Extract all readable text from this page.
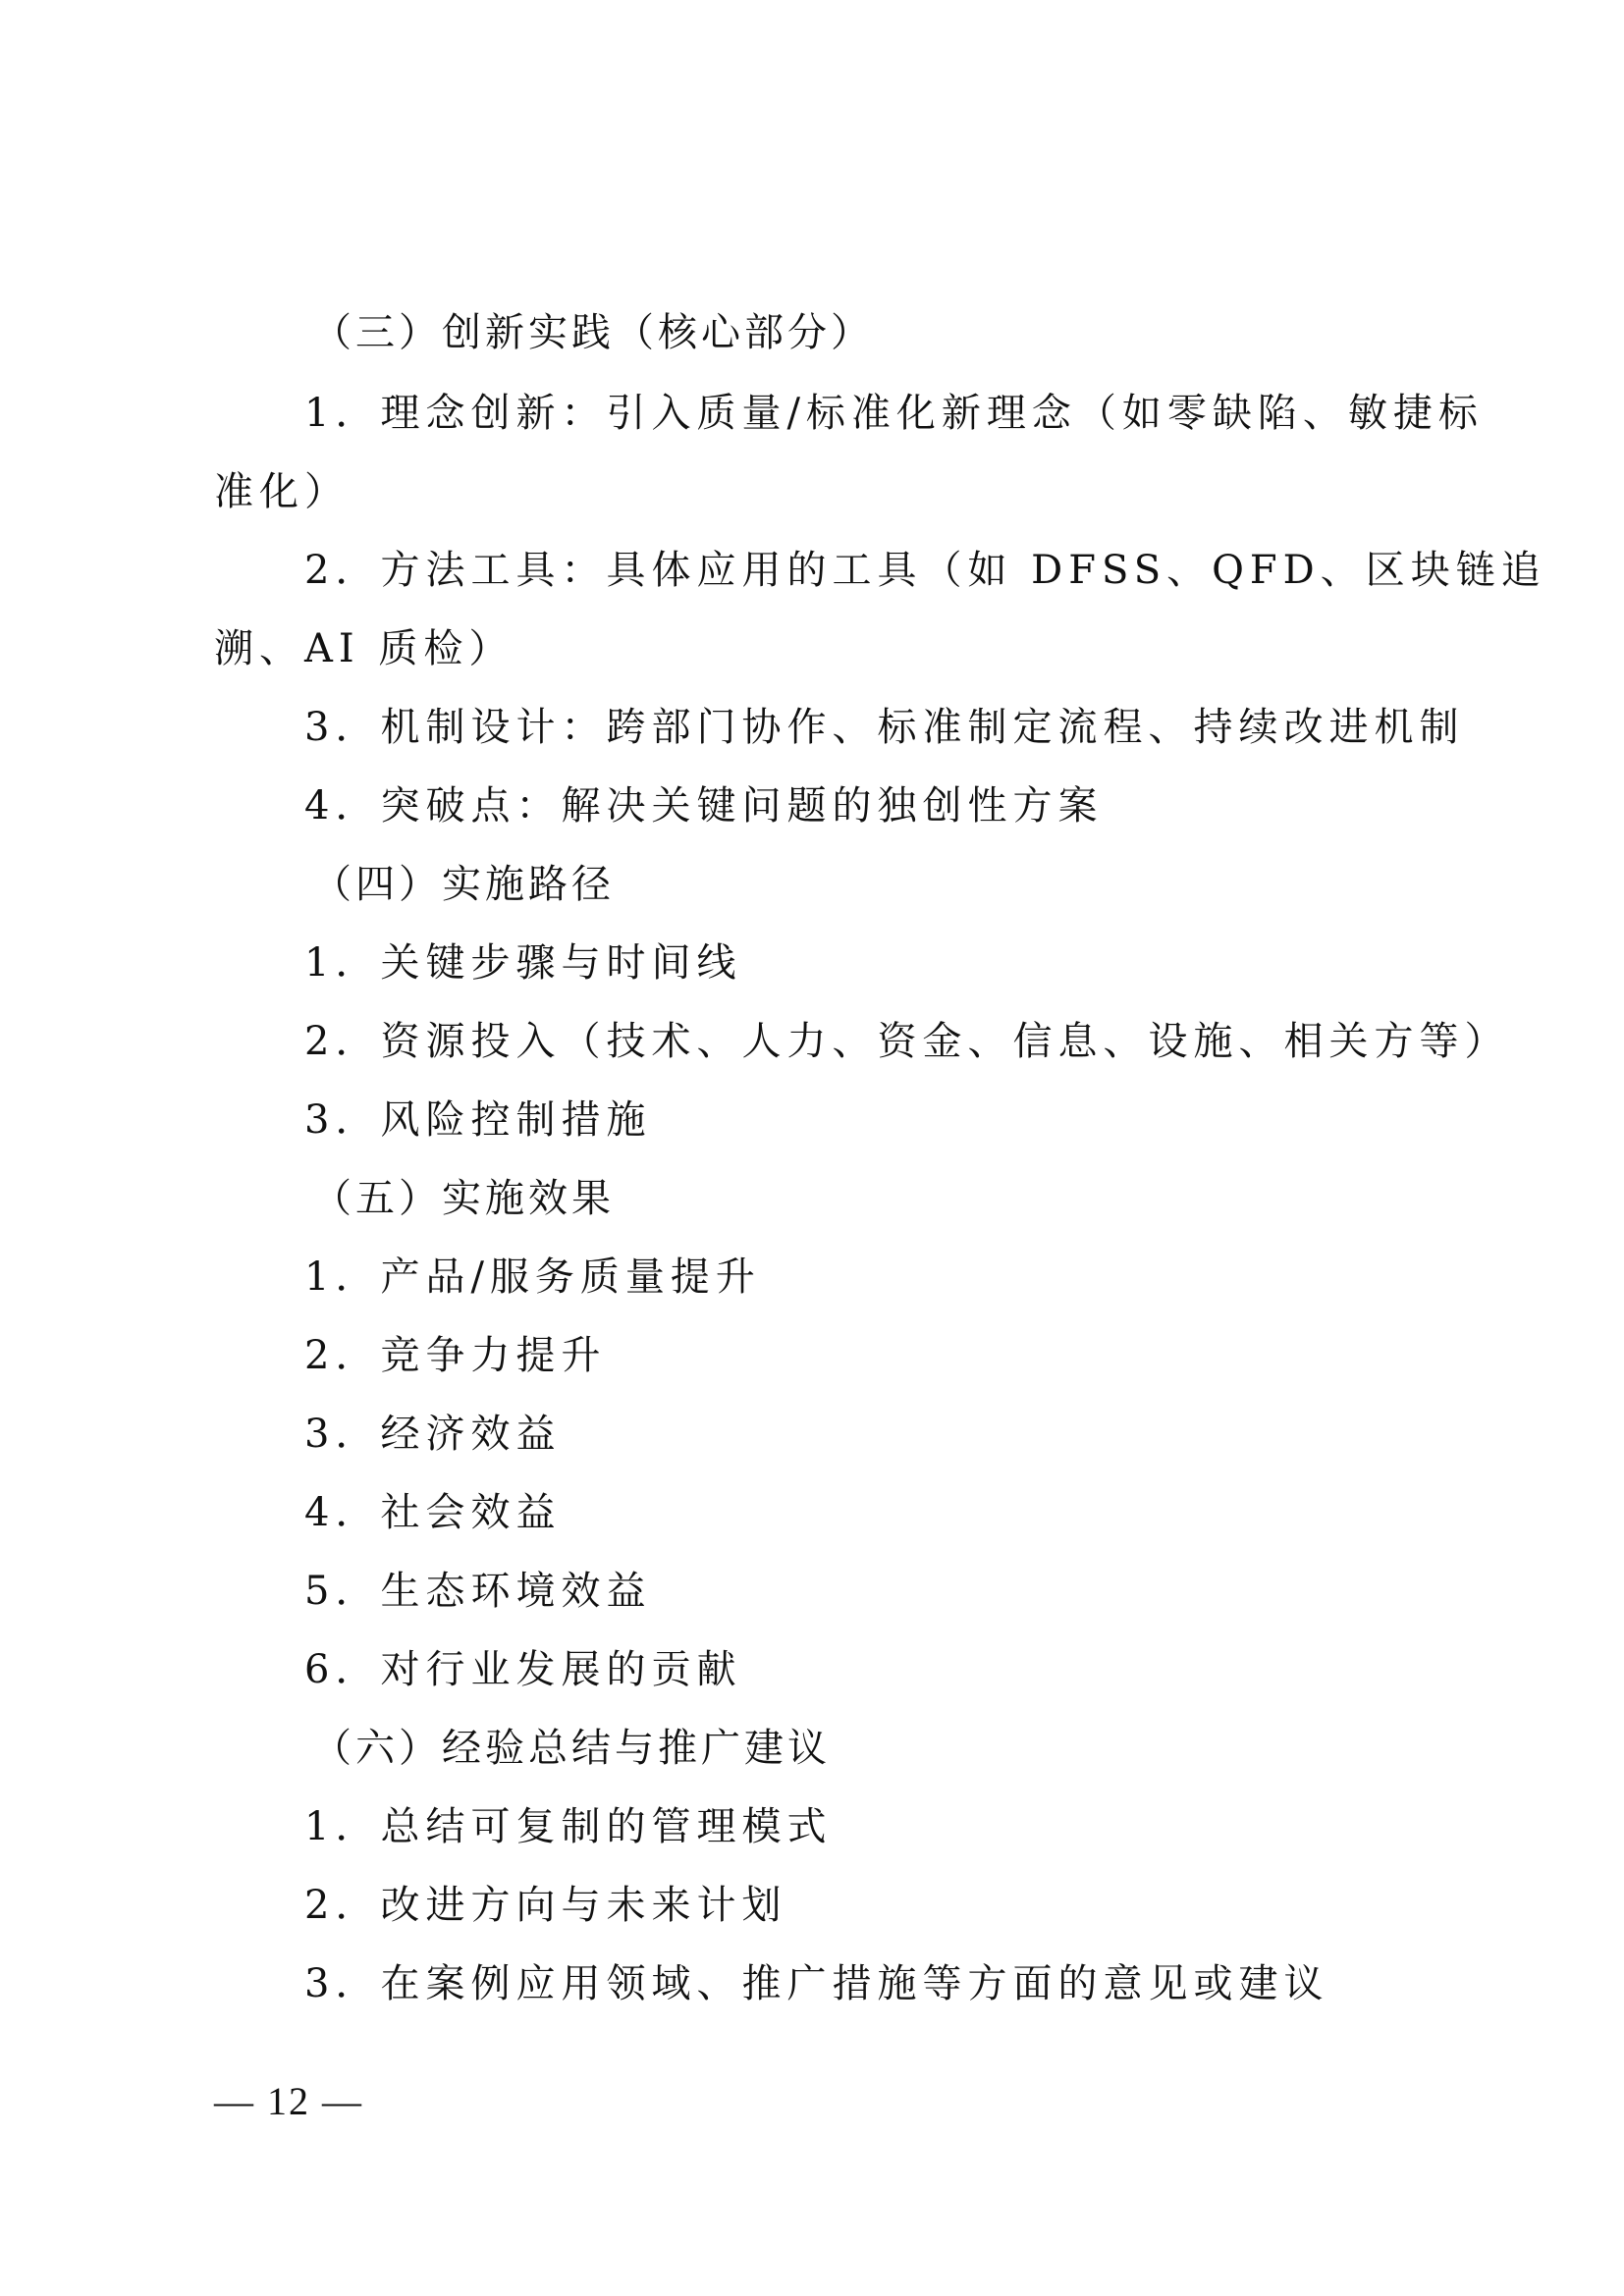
（三）创新实践（核心部分）
1．理念创新：引入质量/标准化新理念（如零缺陷、敏捷标
准化）
2．方法工具：具体应用的工具（如 DFSS、QFD、区块链追
溯、AI 质检）
3．机制设计：跨部门协作、标准制定流程、持续改进机制
4．突破点：解决关键问题的独创性方案
（四）实施路径
1．关键步骤与时间线
2．资源投入（技术、人力、资金、信息、设施、相关方等）
3．风险控制措施
（五）实施效果
1．产品/服务质量提升
2．竞争力提升
3．经济效益
4．社会效益
5．生态环境效益
6．对行业发展的贡献
（六）经验总结与推广建议
1．总结可复制的管理模式
2．改进方向与未来计划
3．在案例应用领域、推广措施等方面的意见或建议
— 12 —
